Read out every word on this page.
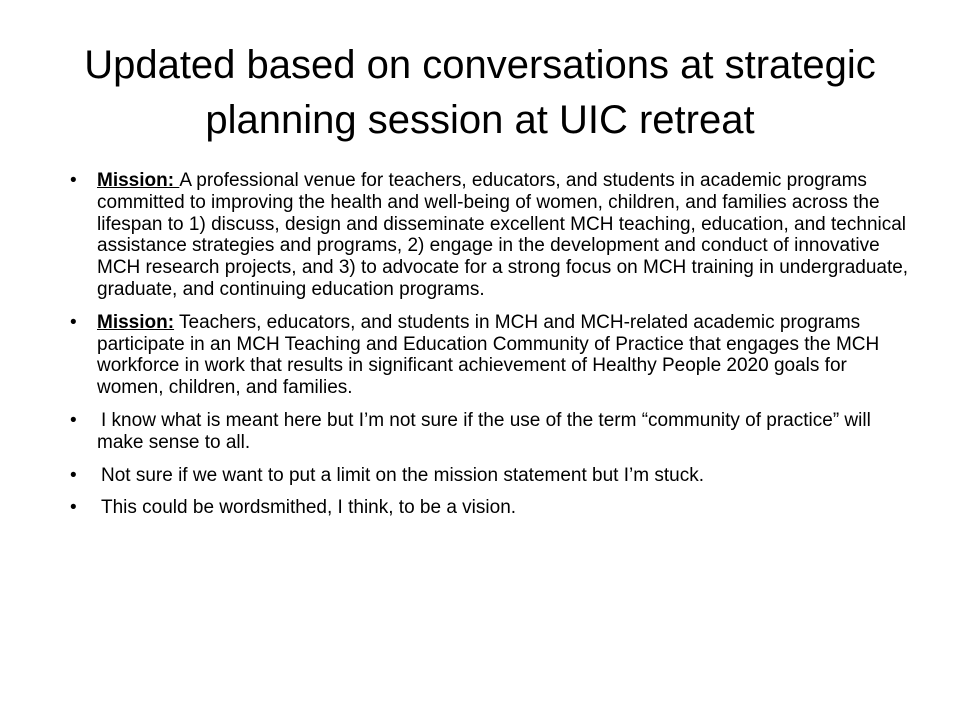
Updated based on conversations at strategic planning session at UIC retreat
• Mission: A professional venue for teachers, educators, and students in academic programs committed to improving the health and well-being of women, children, and families across the lifespan to 1) discuss, design and disseminate excellent MCH teaching, education, and technical assistance strategies and programs, 2) engage in the development and conduct of innovative MCH research projects, and 3) to advocate for a strong focus on MCH training in undergraduate, graduate, and continuing education programs.
• Mission: Teachers, educators, and students in MCH and MCH-related academic programs participate in an MCH Teaching and Education Community of Practice that engages the MCH workforce in work that results in significant achievement of Healthy People 2020 goals for women, children, and families.
• I know what is meant here but I’m not sure if the use of the term “community of practice” will make sense to all.
• Not sure if we want to put a limit on the mission statement but I’m stuck.
• This could be wordsmithed, I think, to be a vision.
